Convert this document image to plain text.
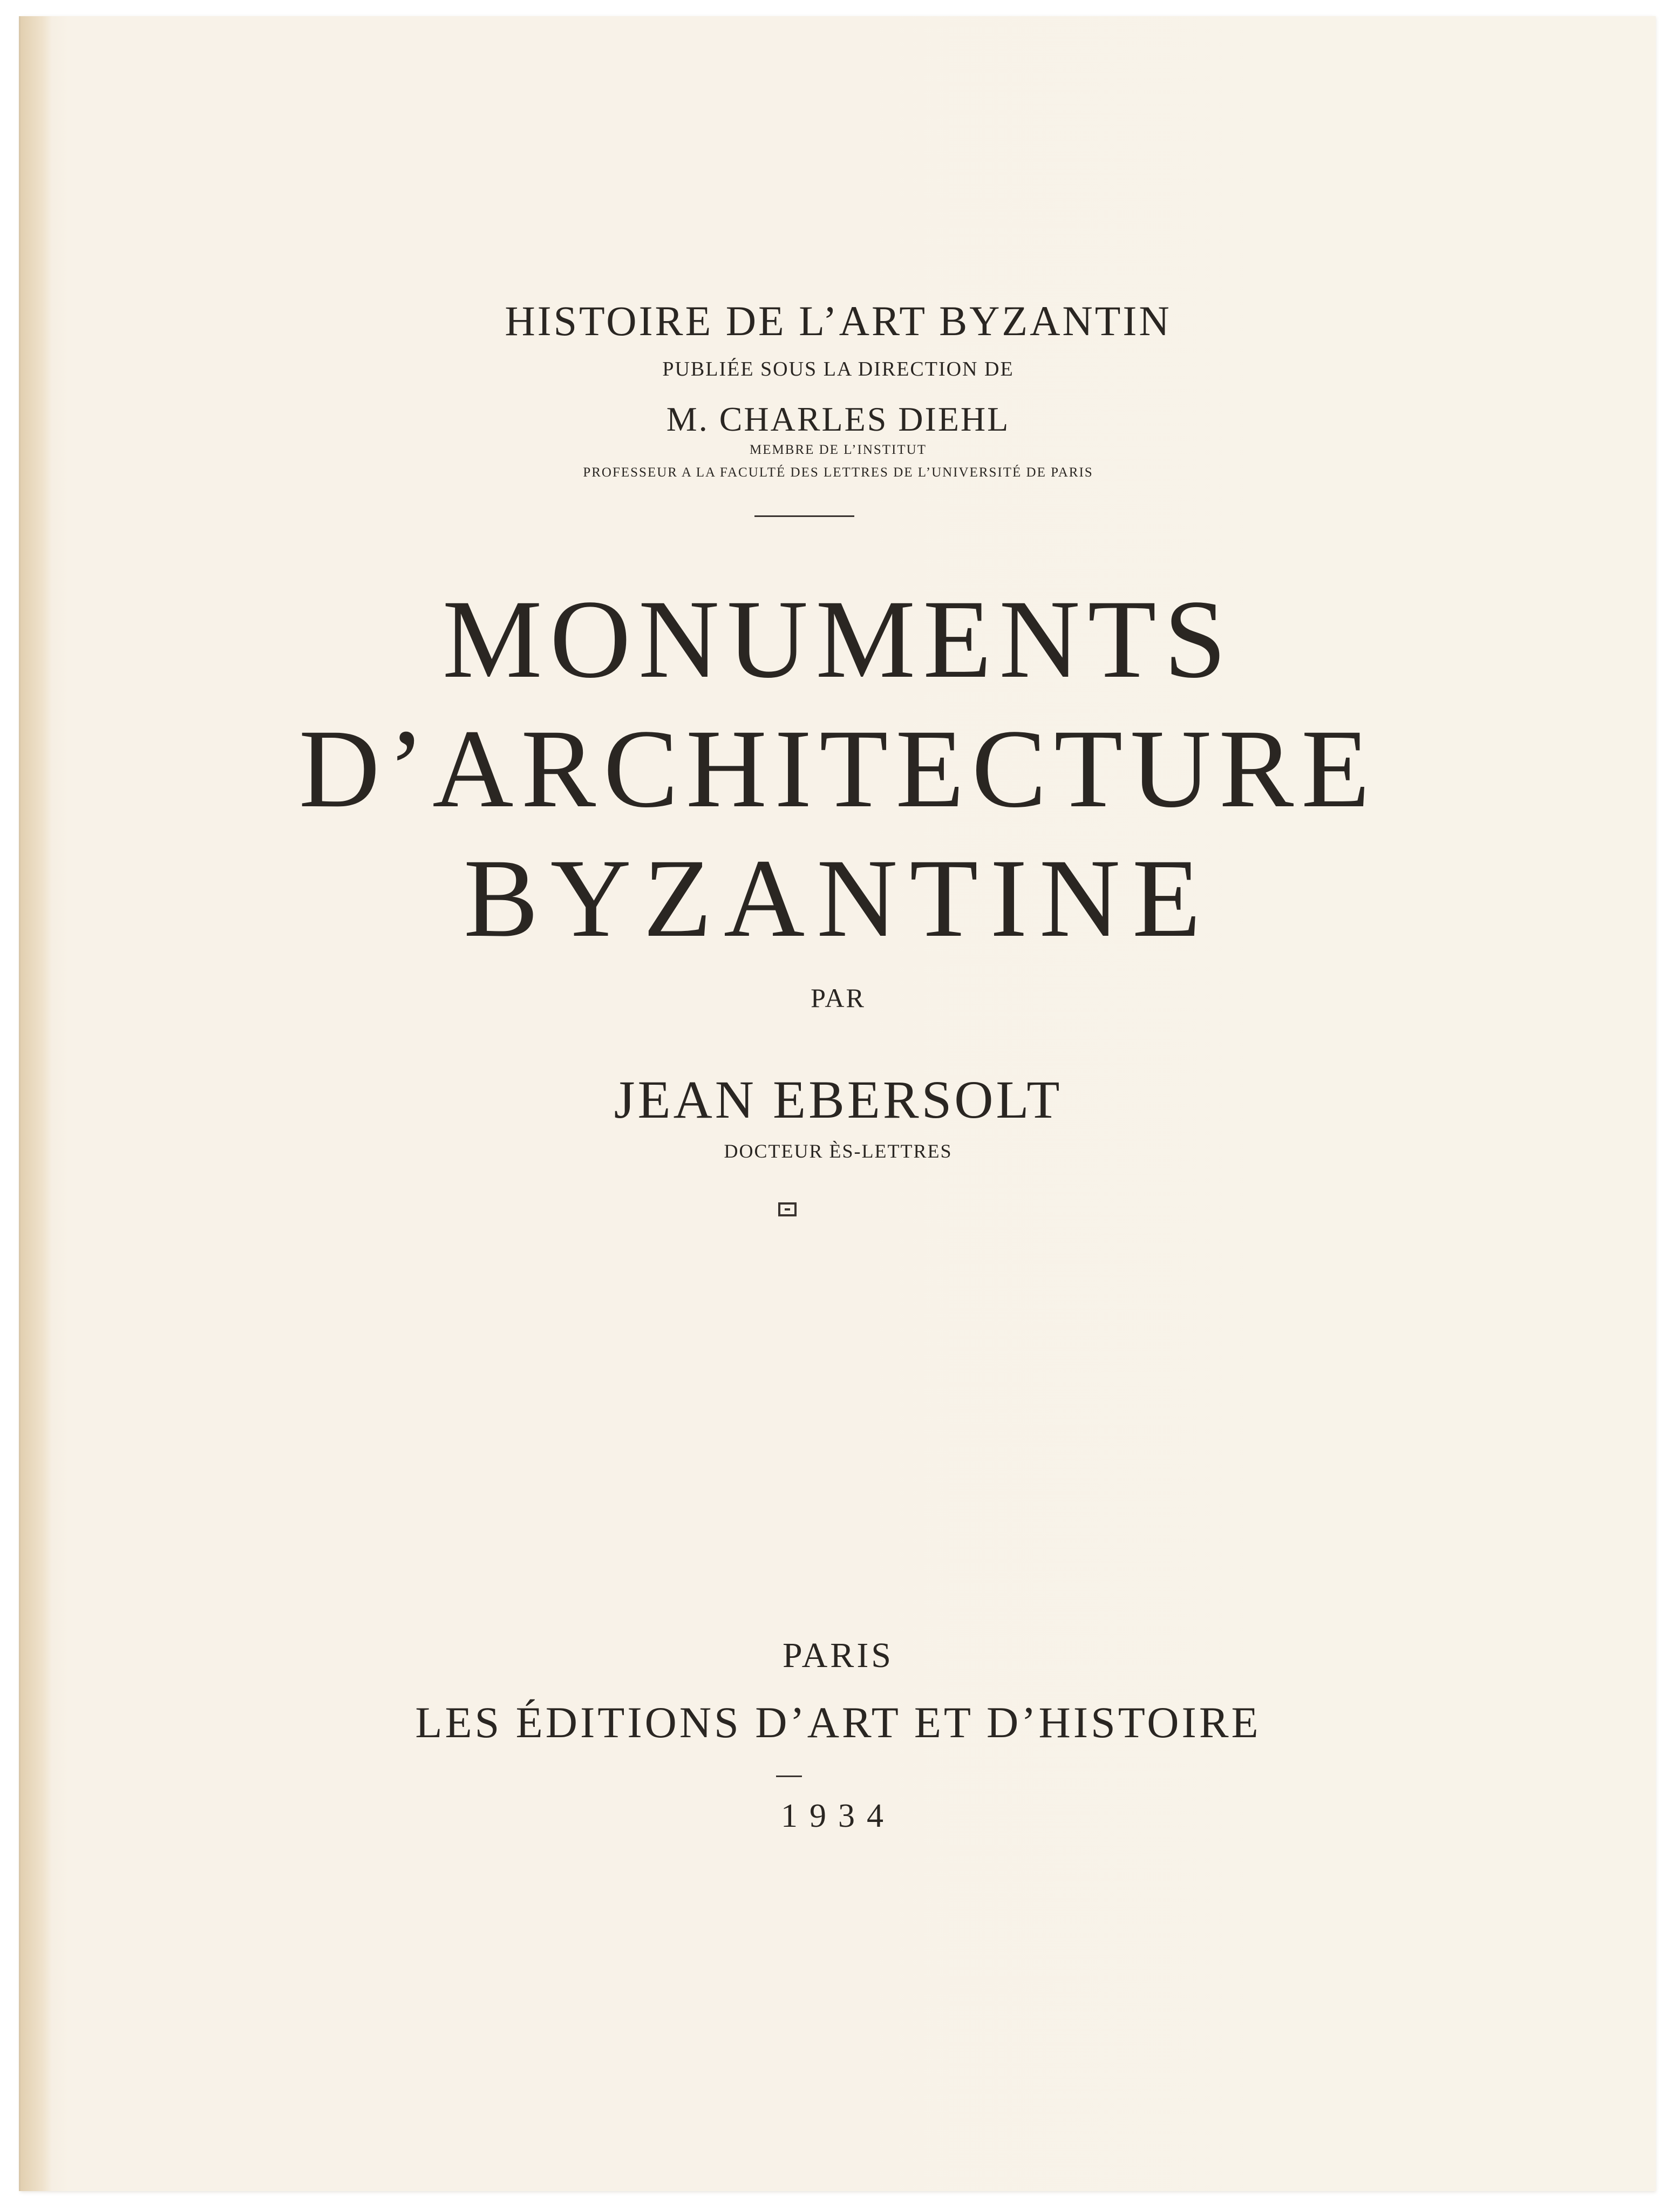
HISTOIRE DE L’ART BYZANTIN
PUBLIÉE SOUS LA DIRECTION DE
M. CHARLES DIEHL
MEMBRE DE L’INSTITUT
PROFESSEUR A LA FACULTÉ DES LETTRES DE L’UNIVERSITÉ DE PARIS
MONUMENTS
D’ARCHITECTURE
BYZANTINE
PAR
JEAN EBERSOLT
DOCTEUR ÈS-LETTRES
PARIS
LES ÉDITIONS D’ART ET D’HISTOIRE
1934
